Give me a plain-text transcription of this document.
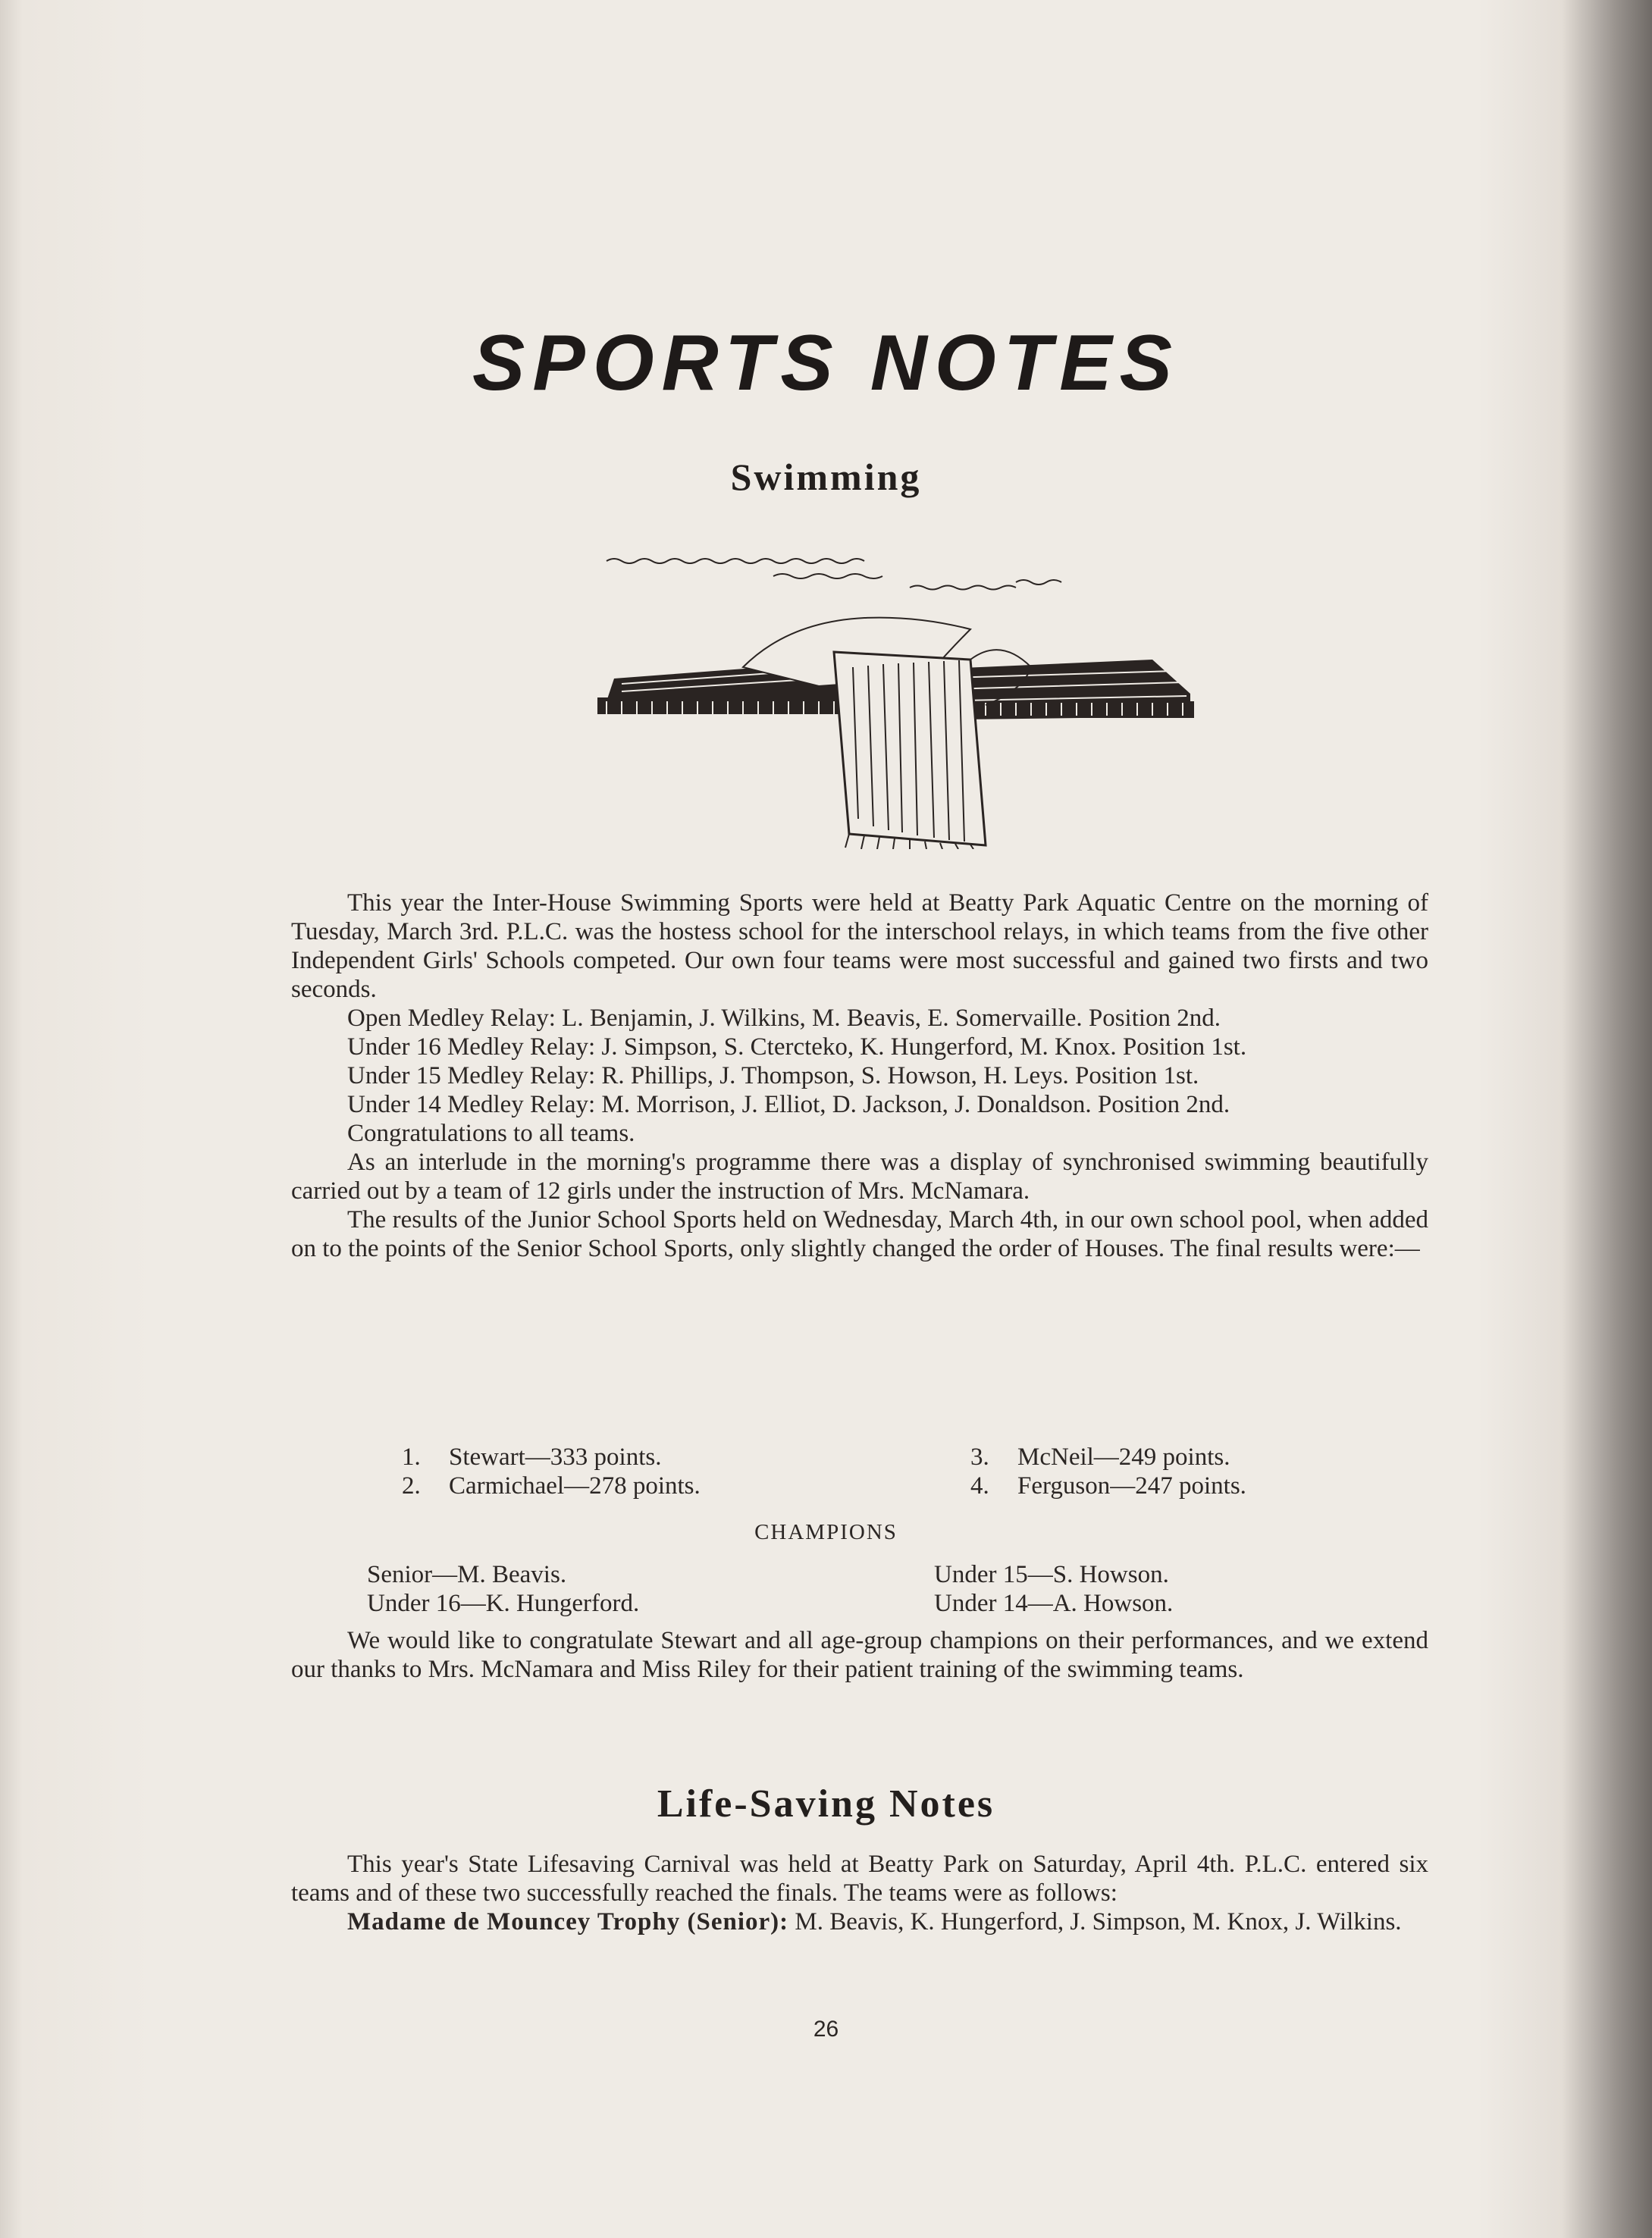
SPORTS NOTES
Swimming

This year the Inter-House Swimming Sports were held at Beatty Park Aquatic Centre on the morning of Tuesday, March 3rd. P.L.C. was the hostess school for the interschool relays, in which teams from the five other Independent Girls' Schools competed. Our own four teams were most successful and gained two firsts and two seconds.

Open Medley Relay: L. Benjamin, J. Wilkins, M. Beavis, E. Somervaille. Position 2nd.

Under 16 Medley Relay: J. Simpson, S. Ctercteko, K. Hungerford, M. Knox. Position 1st.

Under 15 Medley Relay: R. Phillips, J. Thompson, S. Howson, H. Leys. Position 1st.

Under 14 Medley Relay: M. Morrison, J. Elliot, D. Jackson, J. Donaldson. Position 2nd.

Congratulations to all teams.

As an interlude in the morning's programme there was a display of synchronised swimming beautifully carried out by a team of 12 girls under the instruction of Mrs. McNamara.

The results of the Junior School Sports held on Wednesday, March 4th, in our own school pool, when added on to the points of the Senior School Sports, only slightly changed the order of Houses. The final results were:—

1. Stewart—333 points.
2. Carmichael—278 points.
3. McNeil—249 points.
4. Ferguson—247 points.
CHAMPIONS
Senior—M. Beavis.
Under 16—K. Hungerford.
Under 15—S. Howson.
Under 14—A. Howson.

We would like to congratulate Stewart and all age-group champions on their performances, and we extend our thanks to Mrs. McNamara and Miss Riley for their patient training of the swimming teams.

Life-Saving Notes

This year's State Lifesaving Carnival was held at Beatty Park on Saturday, April 4th. P.L.C. entered six teams and of these two successfully reached the finals. The teams were as follows:

Madame de Mouncey Trophy (Senior): M. Beavis, K. Hungerford, J. Simpson, M. Knox, J. Wilkins.

26
